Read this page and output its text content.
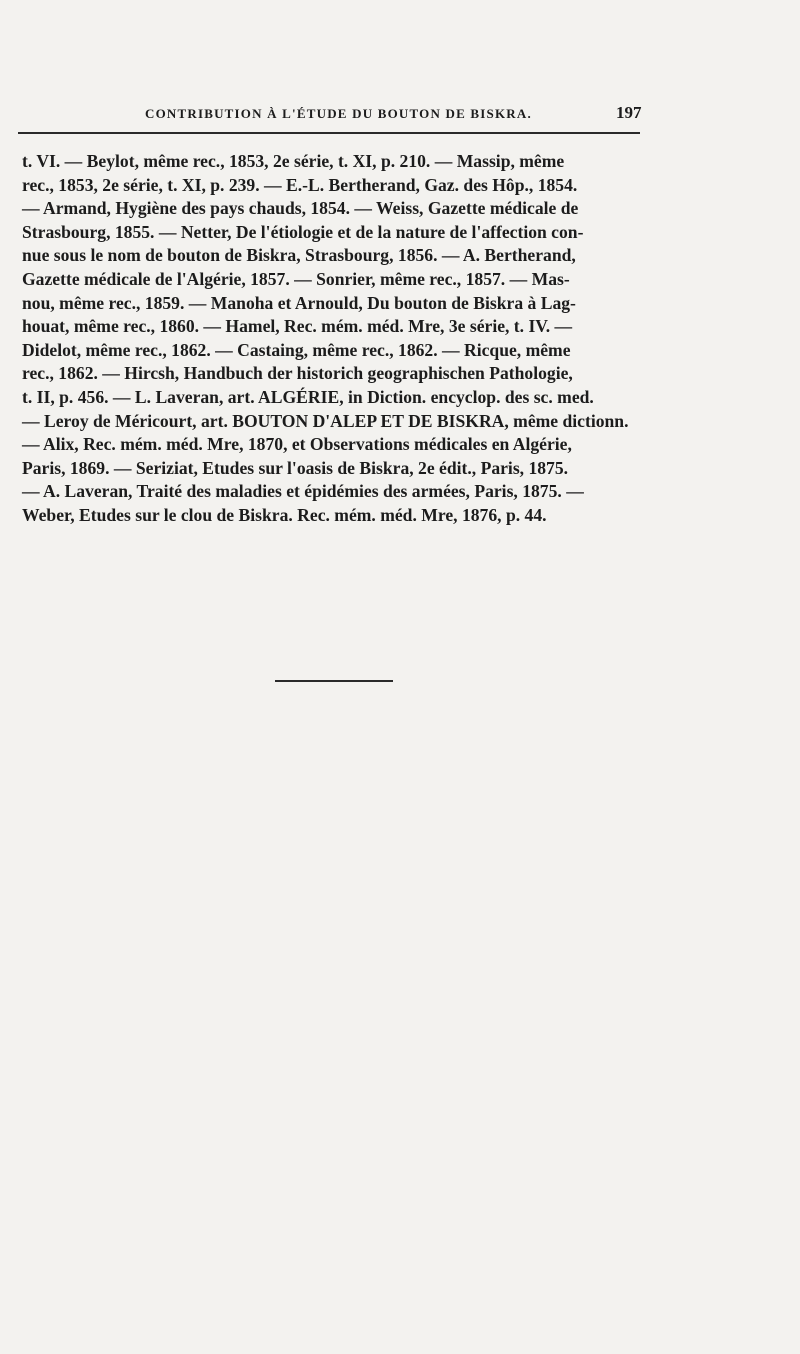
CONTRIBUTION À L'ÉTUDE DU BOUTON DE BISKRA.	197

t. VI. — Beylot, même rec., 1853, 2e série, t. XI, p. 210. — Massip, même
rec., 1853, 2e série, t. XI, p. 239. — E.-L. Bertherand, Gaz. des Hôp., 1854.
— Armand, Hygiène des pays chauds, 1854. — Weiss, Gazette médicale de
Strasbourg, 1855. — Netter, De l'étiologie et de la nature de l'affection con-
nue sous le nom de bouton de Biskra, Strasbourg, 1856. — A. Bertherand,
Gazette médicale de l'Algérie, 1857. — Sonrier, même rec., 1857. — Mas-
nou, même rec., 1859. — Manoha et Arnould, Du bouton de Biskra à Lag-
houat, même rec., 1860. — Hamel, Rec. mém. méd. Mre, 3e série, t. IV. —
Didelot, même rec., 1862. — Castaing, même rec., 1862. — Ricque, même
rec., 1862. — Hircsh, Handbuch der historich geographischen Pathologie,
t. II, p. 456. — L. Laveran, art. ALGÉRIE, in Diction. encyclop. des sc. med.
— Leroy de Méricourt, art. BOUTON D'ALEP ET DE BISKRA, même dictionn.
— Alix, Rec. mém. méd. Mre, 1870, et Observations médicales en Algérie,
Paris, 1869. — Seriziat, Etudes sur l'oasis de Biskra, 2e édit., Paris, 1875.
— A. Laveran, Traité des maladies et épidémies des armées, Paris, 1875. —
Weber, Etudes sur le clou de Biskra. Rec. mém. méd. Mre, 1876, p. 44.
